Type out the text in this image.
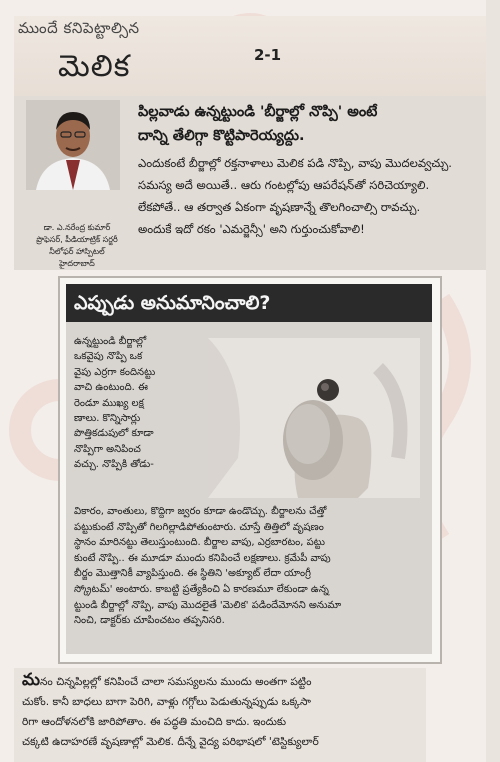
ముందే కనిపెట్టాల్సిన
మెలిక	2-1
డా. ఎ.నరేంద్ర కుమార్
ప్రొఫెసర్, పీడియాట్రిక్ సర్జరీ
నీలోఫర్ హాస్పిటల్
హైదరాబాద్
పిల్లవాడు ఉన్నట్టుండి 'బీర్జాల్లో నొప్పి' అంటే
దాన్ని తేలిగ్గా కొట్టిపారెయ్యద్దు.
ఎందుకంటే బీర్జాల్లో రక్తనాళాలు మెలిక పడి నొప్పి, వాపు మొదలవ్వచ్చు.
సమస్య అదే అయితే.. ఆరు గంటల్లోపు ఆపరేషన్‌తో సరిచెయ్యాలి.
లేకపోతే.. ఆ తర్వాత ఏకంగా వృషణాన్నే తొలగించాల్సి రావచ్చు.
అందుకే ఇదో రకం 'ఎమర్జెన్సీ' అని గుర్తుంచుకోవాలి!
ఎప్పుడు అనుమానించాలి?
ఉన్నట్టుండి బీర్జాల్లో
ఒకవైపు నొప్పి ఒక
వైపు ఎర్రగా కందినట్టు
వాచి ఉంటుంది. ఈ
రెండూ ముఖ్య లక్ష
ణాలు. కొన్నిసార్లు
పొత్తికడుపులో కూడా
నొప్పిగా అనిపించ
వచ్చు. నొప్పికి తోడు-
వికారం, వాంతులు, కొద్దిగా జ్వరం కూడా ఉండొచ్చు. బీర్జాలను చేత్తో
పట్టుకుంటే నొప్పితో గిలగిల్లాడిపోతుంటారు. చూస్తే తిత్తిలో వృషణం
స్థానం మారినట్టు తెలుస్తుంటుంది. బీర్జాల వాపు, ఎర్రబారటం, పట్టు
కుంటే నొప్పి.. ఈ మూడూ ముందు కనిపించే లక్షణాలు. క్రమేపీ వాపు
బీర్జం మొత్తానికీ వ్యాపిస్తుంది. ఈ స్థితిని 'అక్యూట్ లేదా యాంగ్రీ
స్క్రోటమ్' అంటారు. కాబట్టి ప్రత్యేకించి ఏ కారణమూ లేకుండా ఉన్న
ట్టుండి బీర్జాల్లో నొప్పి, వాపు మొదలైతే 'మెలిక' పడిందేమోనని అనుమా
నించి, డాక్టర్‌కు చూపించటం తప్పనిసరి.
మనం చిన్నపిల్లల్లో కనిపించే చాలా సమస్యలను ముందు అంతగా పట్టిం
చుకోం. కానీ బాధలు బాగా పెరిగి, వాళ్లు గగ్గోలు పెడుతున్నప్పుడు ఒక్కసా
రిగా ఆందోళనలోకి జారిపోతాం. ఈ పద్ధతి మంచిది కాదు. ఇందుకు
చక్కటి ఉదాహరణే వృషణాల్లో మెలిక. దీన్నే వైద్య పరిభాషలో 'టెస్టిక్యులార్
